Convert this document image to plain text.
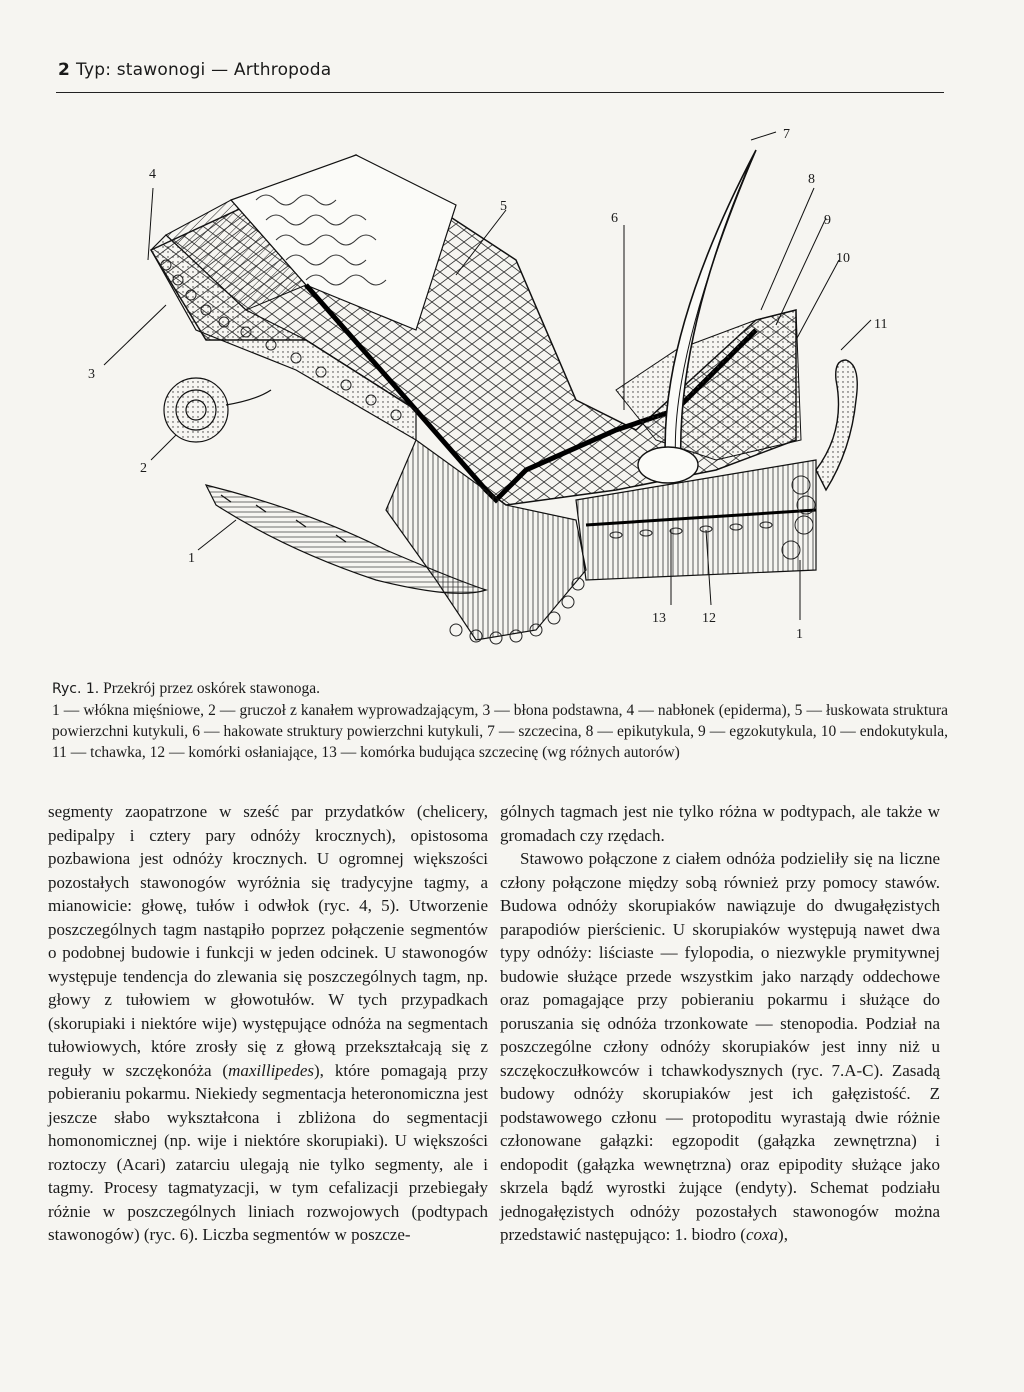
2 Typ: stawonogi — Arthropoda
4
3
2
1
5
6
7
8
9
10
11
13	12
1
Ryc. 1. Przekrój przez oskórek stawonoga.
1 — włókna mięśniowe, 2 — gruczoł z kanałem wyprowadzającym, 3 — błona podstawna, 4 — nabłonek (epiderma), 5 — łuskowata struktura powierzchni kutykuli, 6 — hakowate struktury powierzchni kutykuli, 7 — szczecina, 8 — epikutykula, 9 — egzokutykula, 10 — endokutykula, 11 — tchawka, 12 — komórki osłaniające, 13 — komórka budująca szczecinę (wg różnych autorów)

segmenty zaopatrzone w sześć par przydatków (chelicery, pedipalpy i cztery pary odnóży krocznych), opistosoma pozbawiona jest odnóży krocznych. U ogromnej większości pozostałych stawonogów wyróżnia się tradycyjne tagmy, a mianowicie: głowę, tułów i odwłok (ryc. 4, 5). Utworzenie poszczególnych tagm nastąpiło poprzez połączenie segmentów o podobnej budowie i funkcji w jeden odcinek. U stawonogów występuje tendencja do zlewania się poszczególnych tagm, np. głowy z tułowiem w głowotułów. W tych przypadkach (skorupiaki i niektóre wije) występujące odnóża na segmentach tułowiowych, które zrosły się z głową przekształcają się z reguły w szczękonóża (maxillipedes), które pomagają przy pobieraniu pokarmu. Niekiedy segmentacja heteronomiczna jest jeszcze słabo wykształcona i zbliżona do segmentacji homonomicznej (np. wije i niektóre skorupiaki). U większości roztoczy (Acari) zatarciu ulegają nie tylko segmenty, ale i tagmy. Procesy tagmatyzacji, w tym cefalizacji przebiegały różnie w poszczególnych liniach rozwojowych (podtypach stawonogów) (ryc. 6). Liczba segmentów w poszcze-

gólnych tagmach jest nie tylko różna w podtypach, ale także w gromadach czy rzędach.

Stawowo połączone z ciałem odnóża podzieliły się na liczne człony połączone między sobą również przy pomocy stawów. Budowa odnóży skorupiaków nawiązuje do dwugałęzistych parapodiów pierścienic. U skorupiaków występują nawet dwa typy odnóży: liściaste — fylopodia, o niezwykle prymitywnej budowie służące przede wszystkim jako narządy oddechowe oraz pomagające przy pobieraniu pokarmu i służące do poruszania się odnóża trzonkowate — stenopodia. Podział na poszczególne człony odnóży skorupiaków jest inny niż u szczękoczułkowców i tchawkodysznych (ryc. 7.A-C). Zasadą budowy odnóży skorupiaków jest ich gałęzistość. Z podstawowego członu — protopoditu wyrastają dwie różnie członowane gałązki: egzopodit (gałązka zewnętrzna) i endopodit (gałązka wewnętrzna) oraz epipodity służące jako skrzela bądź wyrostki żujące (endyty). Schemat podziału jednogałęzistych odnóży pozostałych stawonogów można przedstawić następująco: 1. biodro (coxa),
